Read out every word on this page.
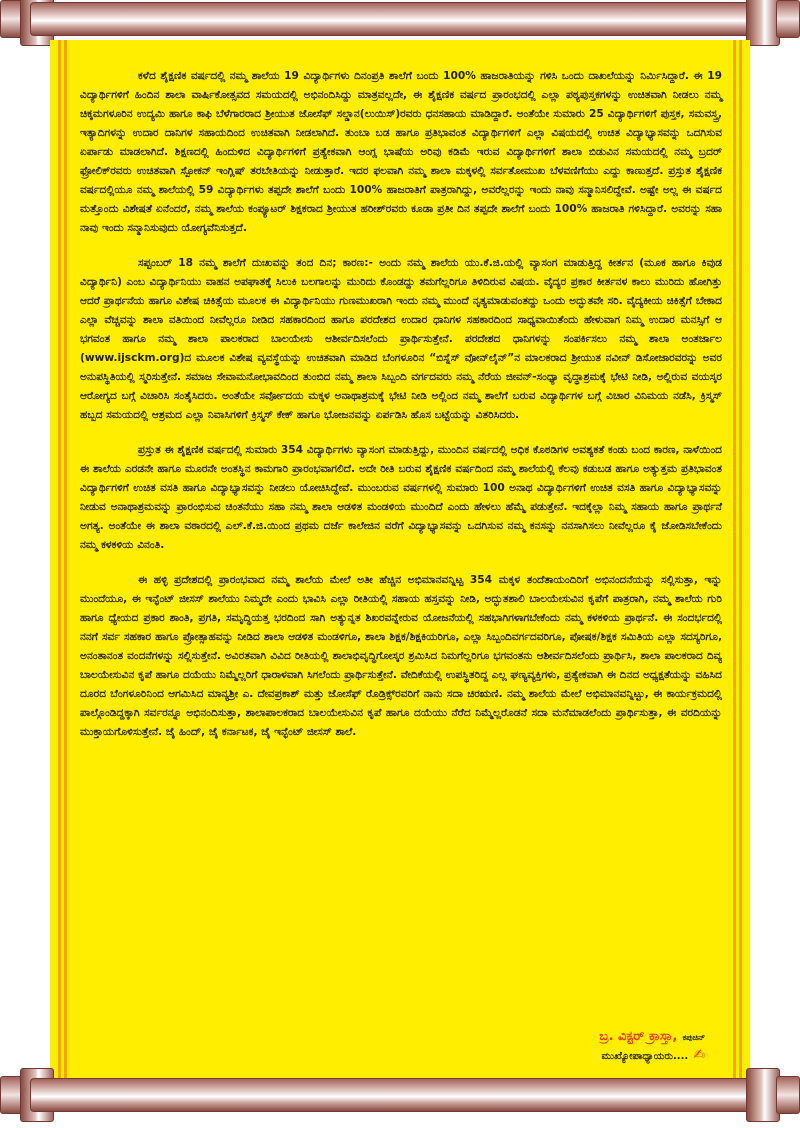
ಕಳೆದ ಶೈಕ್ಷಣಿಕ ವರ್ಷದಲ್ಲಿ ನಮ್ಮ ಶಾಲೆಯ 19 ವಿದ್ಯಾರ್ಥಿಗಳು ದಿನಂಪ್ರತಿ ಶಾಲೆಗೆ ಬಂದು 100% ಹಾಜರಾತಿಯನ್ನು ಗಳಿಸಿ ಒಂದು ದಾಖಲೆಯನ್ನು ನಿರ್ಮಿಸಿದ್ದಾರೆ. ಈ 19 ವಿದ್ಯಾರ್ಥಿಗಳಿಗೆ ಹಿಂದಿನ ಶಾಲಾ ವಾರ್ಷಿಕೋತ್ಸವದ ಸಮಯದಲ್ಲಿ ಅಭಿನಂದಿಸಿದ್ದು ಮಾತ್ರವಲ್ಲದೇ, ಈ ಶೈಕ್ಷಣಿಕ ವರ್ಷದ ಪ್ರಾರಂಭದಲ್ಲಿ ಎಲ್ಲಾ ಪಠ್ಯಪುಸ್ತಕಗಳನ್ನು ಉಚಿತವಾಗಿ ನೀಡಲು ನಮ್ಮ ಚಿಕ್ಕಮಗಳೂರಿನ ಉದ್ಯಮಿ ಹಾಗೂ ಕಾಫಿ ಬೆಳೆಗಾರರಾದ ಶ್ರೀಯುತ ಜೋಸೆಫ್ ಸಲ್ಡಾನ(ಲುಯಿಸ್)ರವರು ಧನಸಹಾಯ ಮಾಡಿದ್ದಾರೆ. ಅಂತೆಯೇ ಸುಮಾರು 25 ವಿದ್ಯಾರ್ಥಿಗಳಿಗೆ ಪುಸ್ತಕ, ಸಮವಸ್ತ್ರ, ಇತ್ಯಾದಿಗಳನ್ನು ಉದಾರ ದಾನಿಗಳ ಸಹಾಯದಿಂದ ಉಚಿತವಾಗಿ ನೀಡಲಾಗಿದೆ. ತುಂಬಾ ಬಡ ಹಾಗೂ ಪ್ರತಿಭಾವಂತ ವಿದ್ಯಾರ್ಥಿಗಳಿಗೆ ಎಲ್ಲಾ ವಿಷಯದಲ್ಲಿ ಉಚಿತ ವಿದ್ಯಾಭ್ಯಾಸವನ್ನು ಒದಗಿಸುವ ಏರ್ಪಾಡು ಮಾಡಲಾಗಿದೆ. ಶಿಕ್ಷಣದಲ್ಲಿ ಹಿಂದುಳಿದ ವಿದ್ಯಾರ್ಥಿಗಳಿಗೆ ಪ್ರತ್ಯೇಕವಾಗಿ ಆಂಗ್ಲ ಭಾಷೆಯ ಅರಿವು ಕಡಿಮೆ ಇರುವ ವಿದ್ಯಾರ್ಥಿಗಳಿಗೆ ಶಾಲಾ ಬಿಡುವಿನ ಸಮಯದಲ್ಲಿ ನಮ್ಮ ಬ್ರದರ್ ಫ್ರೋಲಿಕ್‌ರವರು ಉಚಿತವಾಗಿ ಸ್ಪೋಕನ್ ಇಂಗ್ಲಿಷ್ ತರಬೇತಿಯನ್ನು ನೀಡುತ್ತಾರೆ. ಇದರ ಫಲವಾಗಿ ನಮ್ಮ ಶಾಲಾ ಮಕ್ಕಳಲ್ಲಿ ಸರ್ವತೋಮುಖ ಬೆಳವಣಿಗೆಯು ಎದ್ದು ಕಾಣುತ್ತದೆ. ಪ್ರಸ್ತುತ ಶೈಕ್ಷಣಿಕ ವರ್ಷದಲ್ಲಿಯೂ ನಮ್ಮ ಶಾಲೆಯಲ್ಲಿ 59 ವಿದ್ಯಾರ್ಥಿಗಳು ತಪ್ಪದೇ ಶಾಲೆಗೆ ಬಂದು 100% ಹಾಜರಾತಿಗೆ ಪಾತ್ರರಾಗಿದ್ದು, ಅವರೆಲ್ಲರನ್ನು ಇಂದು ನಾವು ಸನ್ಮಾನಿಸಲಿದ್ದೇವೆ. ಅಷ್ಟೇ ಅಲ್ಲ ಈ ವರ್ಷದ ಮತ್ತೊಂದು ವಿಶೇಷತೆ ಏನೆಂದರೆ, ನಮ್ಮ ಶಾಲೆಯ ಕಂಪ್ಯೂಟರ್ ಶಿಕ್ಷಕರಾದ ಶ್ರೀಯುತ ಹರೀಶ್‌ರವರು ಕೂಡಾ ಪ್ರತೀ ದಿನ ತಪ್ಪದೇ ಶಾಲೆಗೆ ಬಂದು 100% ಹಾಜರಾತಿ ಗಳಿಸಿದ್ದಾರೆ. ಅವರನ್ನು ಸಹಾ ನಾವು ಇಂದು ಸನ್ಮಾನಿಸುವುದು ಯೋಗ್ಯವೆನಿಸುತ್ತದೆ.

ಸಪ್ಟಂಬರ್ 18 ನಮ್ಮ ಶಾಲೆಗೆ ದುಃಖವನ್ನು ತಂದ ದಿನ; ಕಾರಣ:- ಅಂದು ನಮ್ಮ ಶಾಲೆಯ ಯು.ಕೆ.ಜಿ.ಯಲ್ಲಿ ವ್ಯಾಸಂಗ ಮಾಡುತ್ತಿದ್ದ ಕೀರ್ತನ (ಮೂಕ ಹಾಗೂ ಕಿವುಡ ವಿದ್ಯಾರ್ಥಿನಿ) ಎಂಬ ವಿದ್ಯಾರ್ಥಿನಿಯು ವಾಹನ ಅಪಘಾತಕ್ಕೆ ಸಿಲುಕಿ ಬಲಗಾಲನ್ನು ಮುರಿದು ಕೊಂಡದ್ದು ತಮಗೆಲ್ಲರಿಗೂ ತಿಳಿದಿರುವ ವಿಷಯ. ವೈದ್ಯರ ಪ್ರಕಾರ ಕೀರ್ತನಳ ಕಾಲು ಮುರಿದು ಹೋಗಿತ್ತು ಆದರೆ ಪ್ರಾರ್ಥನೆಯ ಹಾಗೂ ವಿಶೇಷ ಚಿಕಿತ್ಸೆಯ ಮೂಲಕ ಈ ವಿದ್ಯಾರ್ಥಿನಿಯು ಗುಣಮುಖರಾಗಿ ಇಂದು ನಮ್ಮ ಮುಂದೆ ನೃತ್ಯಮಾಡುವಂತದ್ದು ಒಂದು ಅದ್ಭುತವೇ ಸರಿ. ವೈದ್ಯಕೀಯ ಚಿಕಿತ್ಸೆಗೆ ಬೇಕಾದ ಎಲ್ಲಾ ವೆಚ್ಚವನ್ನು ಶಾಲಾ ವತಿಯಿಂದ ನೀವೆಲ್ಲರೂ ನೀಡಿದ ಸಹಕಾರದಿಂದ ಹಾಗೂ ಪರದೇಶದ ಉದಾರ ಧಾನಿಗಳ ಸಹಕಾರದಿಂದ ಸಾಧ್ಯವಾಯಿತೆಂದು ಹೇಳುವಾಗ ನಿಮ್ಮ ಉದಾರ ಮನಸ್ಸಿಗೆ ಆ ಭಗವಂತ ಹಾಗೂ ನಮ್ಮ ಶಾಲಾ ಪಾಲಕರಾದ ಬಾಲಯೇಸು ಆಶೀರ್ವದಿಸಲೆಂದು ಪ್ರಾರ್ಥಿಸುತ್ತೇನೆ. ಪರದೇಶದ ಧಾನಿಗಳನ್ನು ಸಂಪರ್ಕಿಸಲು ನಮ್ಮ ಶಾಲಾ ಅಂತರ್ಜಾಲ (www.ijsckm.org)ದ ಮೂಲಕ ವಿಶೇಷ ವ್ಯವಸ್ಥೆಯನ್ನು ಉಚಿತವಾಗಿ ಮಾಡಿದ ಬೆಂಗಳೂರಿನ “ಬಿಸ್ನೆಸ್ ವೋನ್‌ಲೈನ್”ನ ಮಾಲಕರಾದ ಶ್ರೀಯುತ ನವೀನ್ ಡಿಸೋಜಾರವರನ್ನು ಅವರ ಅನುಪಸ್ಥಿತಿಯಲ್ಲಿ ಸ್ಮರಿಸುತ್ತೇನೆ. ಸಮಾಜ ಸೇವಾಮನೋಭಾವದಿಂದ ತುಂಬಿದ ನಮ್ಮ ಶಾಲಾ ಸಿಬ್ಬಂದಿ ವರ್ಗದವರು ನಮ್ಮ ನೆರೆಯ ಜೀವನ್-ಸಂಧ್ಯಾ ವೃದ್ಧಾಶ್ರಮಕ್ಕೆ ಭೇಟಿ ನೀಡಿ, ಅಲ್ಲಿರುವ ವಯಸ್ಕರ ಆರೋಗ್ಯದ ಬಗ್ಗೆ ವಿಚಾರಿಸಿ ಸಂತೈಸಿದರು. ಅಂತೆಯೇ ಸರ್ವೋದಯ ಮಕ್ಕಳ ಅನಾಥಾಶ್ರಮಕ್ಕೆ ಭೇಟಿ ನೀಡಿ ಅಲ್ಲಿಂದ ನಮ್ಮ ಶಾಲೆಗೆ ಬರುವ ವಿದ್ಯಾರ್ಥಿಗಳ ಬಗ್ಗೆ ವಿಚಾರ ವಿನಿಮಯ ನಡೆಸಿ, ಕ್ರಿಸ್ಮಸ್ ಹಬ್ಬದ ಸಮಯದಲ್ಲಿ ಆಶ್ರಮದ ಎಲ್ಲಾ ನಿವಾಸಿಗಳಿಗೆ ಕ್ರಿಸ್ಮಸ್ ಕೇಕ್ ಹಾಗೂ ಭೋಜನವನ್ನು ಏರ್ಪಡಿಸಿ ಹೊಸ ಬಟ್ಟೆಯನ್ನು ವಿತರಿಸಿದರು.

ಪ್ರಸ್ತುತ ಈ ಶೈಕ್ಷಣಿಕ ವರ್ಷದಲ್ಲಿ ಸುಮಾರು 354 ವಿದ್ಯಾರ್ಥಿಗಳು ವ್ಯಾಸಂಗ ಮಾಡುತ್ತಿದ್ದು, ಮುಂದಿನ ವರ್ಷದಲ್ಲಿ ಅಧಿಕ ಕೊಠಡಿಗಳ ಅವಶ್ಯಕತೆ ಕಂಡು ಬಂದ ಕಾರಣ, ನಾಳೆಯಿಂದ ಈ ಶಾಲೆಯ ಎರಡನೇ ಹಾಗೂ ಮೂರನೇ ಅಂತಸ್ಥಿನ ಕಾಮಗಾರಿ ಪ್ರಾರಂಭವಾಗಲಿದೆ. ಅದೇ ರೀತಿ ಬರುವ ಶೈಕ್ಷಣಿಕ ವರ್ಷದಿಂದ ನಮ್ಮ ಶಾಲೆಯಲ್ಲಿ ಕೆಲವು ಕಡುಬಡ ಹಾಗೂ ಅತ್ಯುತ್ತಮ ಪ್ರತಿಭಾವಂತ ವಿದ್ಯಾರ್ಥಿಗಳಿಗೆ ಉಚಿತ ವಸತಿ ಹಾಗೂ ವಿದ್ಯಾಭ್ಯಾಸವನ್ನು ನೀಡಲು ಯೋಚಿಸಿದ್ದೇವೆ. ಮುಂಬರುವ ವರ್ಷಗಳಲ್ಲಿ ಸುಮಾರು 100 ಅನಾಥ ವಿದ್ಯಾರ್ಥಿಗಳಿಗೆ ಉಚಿತ ವಸತಿ ಹಾಗೂ ವಿದ್ಯಾಭ್ಯಾಸವನ್ನು ನೀಡುವ ಅನಾಥಾಶ್ರಮವನ್ನು ಪ್ರಾರಂಭಿಸುವ ಚಿಂತನೆಯು ಸಹಾ ನಮ್ಮ ಶಾಲಾ ಆಡಳಿತ ಮಂಡಳಿಯ ಮುಂದಿದೆ ಎಂದು ಹೇಳಲು ಹೆಮ್ಮೆ ಪಡುತ್ತೇನೆ. ಇದಕ್ಕೆಲ್ಲಾ ನಿಮ್ಮ ಸಹಾಯ ಹಾಗೂ ಪ್ರಾರ್ಥನೆ ಅಗತ್ಯ. ಅಂತೆಯೇ ಈ ಶಾಲಾ ವಠಾರದಲ್ಲಿ ಎಲ್.ಕೆ.ಜಿ.ಯಿಂದ ಪ್ರಥಮ ದರ್ಜೆ ಕಾಲೇಜಿನ ವರೆಗೆ ವಿದ್ಯಾಭ್ಯಾಸವನ್ನು ಒದಗಿಸುವ ನಮ್ಮ ಕನಸನ್ನು ನನಸಾಗಿಸಲು ನೀವೆಲ್ಲರೂ ಕೈ ಜೋಡಿಸಬೇಕೆಂದು ನಮ್ಮ ಕಳಕಳಿಯ ವಿನಂತಿ.

ಈ ಹಳ್ಳಿ ಪ್ರದೇಶದಲ್ಲಿ ಪ್ರಾರಂಭವಾದ ನಮ್ಮ ಶಾಲೆಯ ಮೇಲೆ ಅತೀ ಹೆಚ್ಚಿನ ಅಭಿಮಾನವನ್ನಿಟ್ಟ 354 ಮಕ್ಕಳ ತಂದೆತಾಯಂದಿರಿಗೆ ಅಭಿನಂದನೆಯನ್ನು ಸಲ್ಲಿಸುತ್ತಾ, ಇನ್ನು ಮುಂದೆಯೂ, ಈ ಇನ್ಫೆಂಟ್ ಜೀಸಸ್ ಶಾಲೆಯು ನಿಮ್ಮದೇ ಎಂದು ಭಾವಿಸಿ ಎಲ್ಲಾ ರೀತಿಯಲ್ಲಿ ಸಹಾಯ ಹಸ್ತವನ್ನು ನೀಡಿ, ಅದ್ಭುತಶಾಲಿ ಬಾಲಯೇಸುವಿನ ಕೃಪೆಗೆ ಪಾತ್ರರಾಗಿ, ನಮ್ಮ ಶಾಲೆಯ ಗುರಿ ಹಾಗೂ ಧ್ಯೇಯದ ಪ್ರಕಾರ ಶಾಂತಿ, ಪ್ರಗತಿ, ಸಮೃದ್ಧಿಯತ್ತ ಭರದಿಂದ ಸಾಗಿ ಅತ್ಯುನ್ನತ ಶಿಖರವನ್ನೇರುವ ಯೋಜನೆಯಲ್ಲಿ ಸಹಭಾಗಿಗಳಾಗಬೇಕೆಂದು ನಮ್ಮ ಕಳಕಳಿಯ ಪ್ರಾರ್ಥನೆ. ಈ ಸಂದರ್ಭದಲ್ಲಿ ನನಗೆ ಸರ್ವ ಸಹಕಾರ ಹಾಗೂ ಪ್ರೋತ್ಸಾಹವನ್ನು ನೀಡಿದ ಶಾಲಾ ಆಡಳಿತ ಮಂಡಳಿಗೂ, ಶಾಲಾ ಶಿಕ್ಷಕ/ಶಿಕ್ಷಕಿಯರಿಗೂ, ಎಲ್ಲಾ ಸಿಬ್ಬಂದಿವರ್ಗದವರಿಗೂ, ಪೋಷಕ/ಶಿಕ್ಷಕ ಸಮಿತಿಯ ಎಲ್ಲಾ ಸದಸ್ಯರಿಗೂ, ಅನಂತಾನಂತ ವಂದನೆಗಳನ್ನು ಸಲ್ಲಿಸುತ್ತೇನೆ. ಅವಿರತವಾಗಿ ವಿವಿದ ರೀತಿಯಲ್ಲಿ ಶಾಲಾಭಿವೃದ್ಧಿಗೋಸ್ಕರ ಶ್ರಮಿಸಿದ ನಿಮಗೆಲ್ಲರಿಗೂ ಭಗವಂತನು ಆಶೀರ್ವದಿಸಲೆಂದು ಪ್ರಾರ್ಥಿಸಿ, ಶಾಲಾ ಪಾಲಕರಾದ ದಿವ್ಯ ಬಾಲಯೇಸುವಿನ ಕೃಪೆ ಹಾಗೂ ದಯೆಯು ನಿಮ್ಮೆಲ್ಲರಿಗೆ ಧಾರಾಳವಾಗಿ ಸಿಗಲೆಂದು ಪ್ರಾರ್ಥಿಸುತ್ತೇನೆ. ವೇದಿಕೆಯಲ್ಲಿ ಉಪಸ್ಥಿತರಿದ್ದ ಎಲ್ಲ ಘಣ್ಯವ್ಯಕ್ತಿಗಳು, ಪ್ರತ್ಯೇಕವಾಗಿ ಈ ದಿನದ ಅಧ್ಯಕ್ಷತೆಯನ್ನು ವಹಿಸಿದ ದೂರದ ಬೆಂಗಳೂರಿನಿಂದ ಆಗಮಿಸಿದ ಮಾನ್ಯಶ್ರೀ ಎ. ದೇವಪ್ರಕಾಶ್ ಮತ್ತು ಜೋಸೆಫ್ ರೊಡ್ರಿಕ್ಸ್‌ರವರಿಗೆ ನಾನು ಸದಾ ಚಿರಋಣಿ. ನಮ್ಮ ಶಾಲೆಯ ಮೇಲೆ ಅಭಿಮಾನವನ್ನಿಟ್ಟು, ಈ ಕಾರ್ಯಕ್ರಮದಲ್ಲಿ ಪಾಲ್ಗೊಂಡಿದ್ದಕ್ಕಾಗಿ ಸರ್ವರನ್ನೂ ಅಭಿನಂದಿಸುತ್ತಾ, ಶಾಲಾಪಾಲಕರಾದ ಬಾಲಯೇಸುವಿನ ಕೃಪೆ ಹಾಗೂ ದಯೆಯು ನೆರೆದ ನಿಮ್ಮೆಲ್ಲರೊಡನೆ ಸದಾ ಮನೆಮಾಡಲೆಂದು ಪ್ರಾರ್ಥಿಸುತ್ತಾ, ಈ ವರದಿಯನ್ನು ಮುಕ್ತಾಯಗೊಳಿಸುತ್ತೇನೆ. ಜೈ ಹಿಂದ್, ಜೈ ಕರ್ನಾಟಕ, ಜೈ ಇನ್ಫೆಂಟ್ ಜೀಸಸ್ ಶಾಲೆ.

ಬ್ರ. ವಿಕ್ಟರ್ ಕ್ರಾಸ್ತಾ, ಕಪುಚಿನ್
ಮುಖ್ಯೋಪಾಧ್ಯಾಯರು.... ✍
